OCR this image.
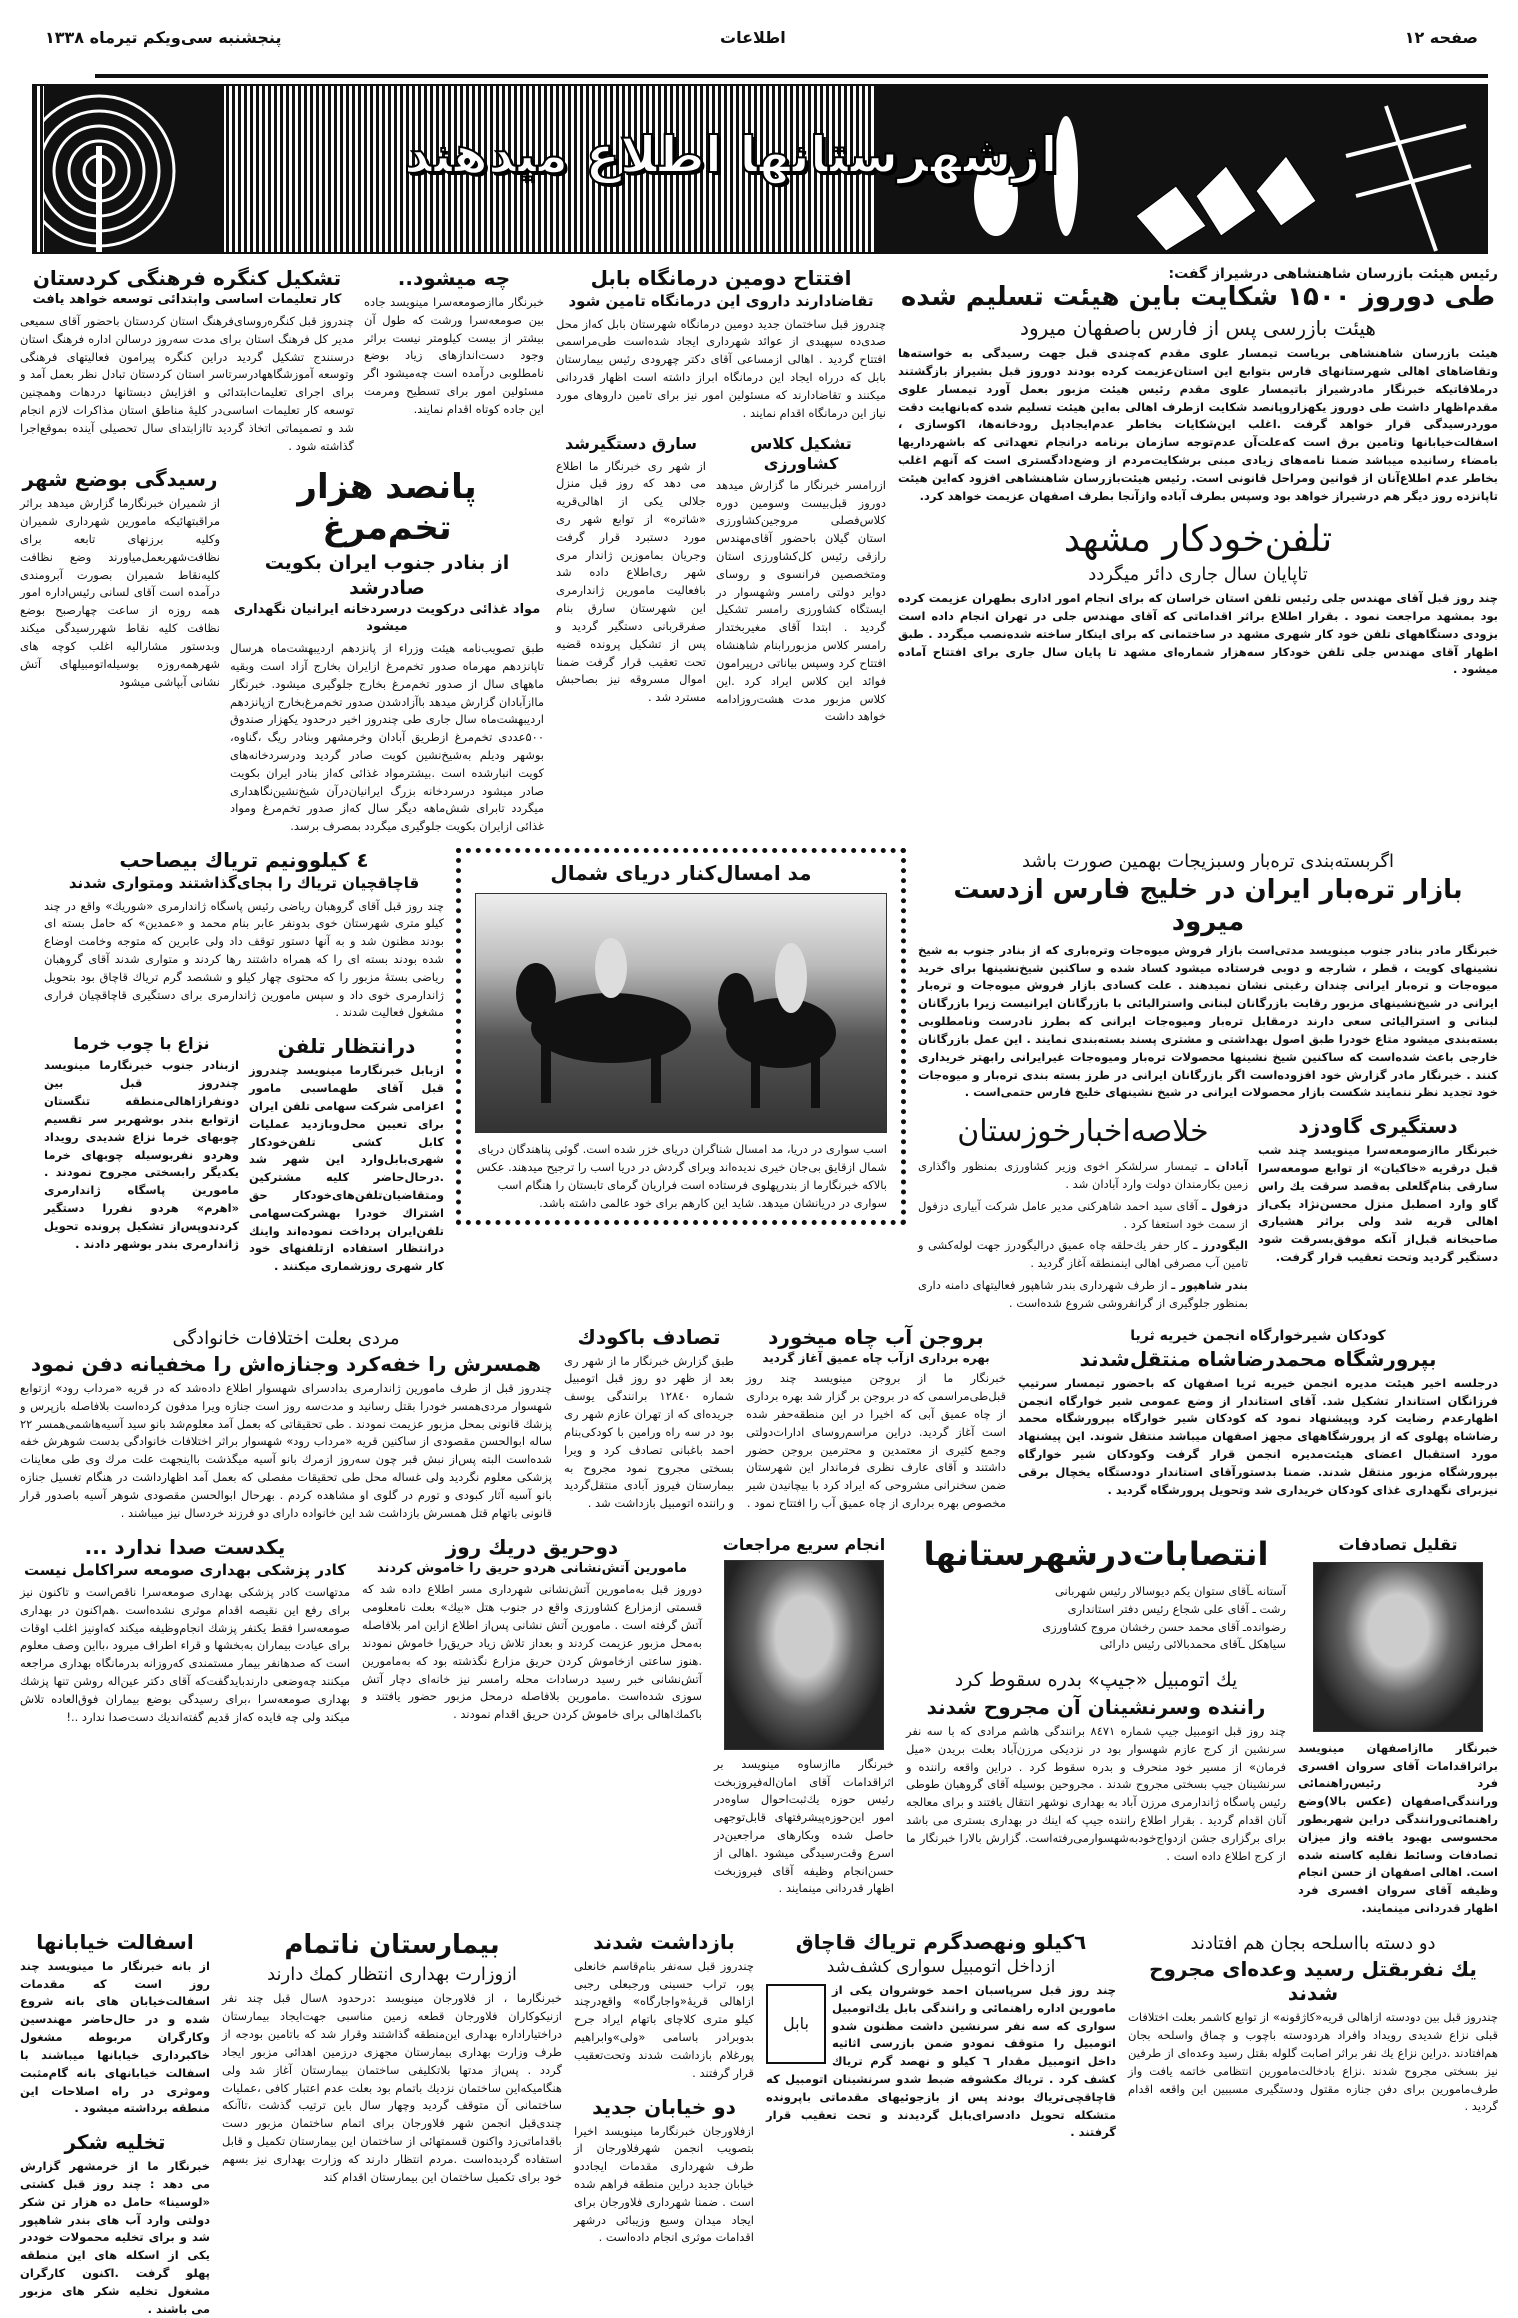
صفحه ۱۲
اطلاعات
پنجشنبه سی‌ویکم تیرماه ۱۳۳۸
ازشهرستانها اطلاع میدهند
رئیس هیئت بازرسان شاهنشاهی درشیراز گفت:
طی دوروز ۱۵۰۰ شکایت باین هیئت تسلیم شده
هیئت بازرسی پس از فارس باصفهان میرود
هیئت بازرسان شاهنشاهی بریاست تیمسار علوی مقدم که‌چندی قبل جهت رسیدگی به خواسته‌ها وتقاضاهای اهالی شهرستانهای فارس بتوابع این استان‌عزیمت کرده بودند دوروز قبل بشیراز بازگشتند درملاقاتیکه خبرنگار مادرشیراز باتیمسار علوی مقدم رئیس هیئت مزبور بعمل آورد تیمسار علوی مقدم‌اظهار داشت طی دوروز یکهزاروپانصد شکایت ازطرف اهالی به‌این هیئت تسلیم شده که‌بانهایت دقت موردرسیدگی قرار خواهد گرفت .اغلب این‌شکایات بخاطر عدم‌ایجادپل رودخانه‌ها، اکوسازی ، اسفالت‌خیابانها وتامین برق است که‌علت‌آن عدم‌توجه سازمان برنامه درانجام تعهداتی که باشهرداریها بامضاء رسانیده میباشد ضمنا نامه‌های زیادی مبنی برشکایت‌مردم از وضع‌دادگستری است که آنهم اغلب بخاطر عدم اطلاع‌آنان از قوانین ومراحل قانونی است. رئیس هیئت‌بازرسان شاهنشاهی افزود که‌این هیئت تاپانزده روز دیگر هم درشیراز خواهد بود وسپس بطرف آباده وازآنجا بطرف اصفهان عزیمت خواهد کرد.
تلفن‌خودکار مشهد
تاپایان سال جاری دائر میگردد
چند روز قبل آقای مهندس جلی رئیس تلفن استان خراسان که برای انجام امور اداری بطهران عزیمت کرده بود بمشهد مراجعت نمود . بقرار اطلاع براثر اقداماتی که آقای مهندس جلی در تهران انجام داده است بزودی دستگاههای تلفن خود کار شهری مشهد در ساختمانی که برای اینکار ساخته شده‌نصب میگردد . طبق اظهار آقای مهندس جلی تلفن خودکار سه‌هزار شماره‌ای مشهد تا پایان سال جاری برای افتتاح آماده میشود .
افتتاح دومین درمانگاه بابل
تقاضادارند داروی این درمانگاه تامین شود
چندروز قبل ساختمان جدید دومین درمانگاه شهرستان بابل که‌از محل صدی‌ده سپهبدی از عوائد شهرداری ایجاد شده‌است طی‌مراسمی افتتاح گردید . اهالی ازمساعی آقای دکتر چهرودی رئیس بیمارستان بابل که درراه ایجاد این درمانگاه ابراز داشته است اظهار قدردانی میکنند و تقاضادارند که مسئولین امور نیز برای تامین داروهای مورد نیاز این درمانگاه اقدام نمایند .
تشکیل کلاس کشاورزی
ازرامسر خبرنگار ما گزارش میدهد دوروز قبل‌بیست وسومین دوره کلاس‌فصلی مروجین‌کشاورزی استان گیلان باحضور آقای‌مهندس رازقی رئیس کل‌کشاورزی استان ومتخصصین فرانسوی و روسای دوایر دولتی رامسر وشهسوار در ایستگاه کشاورزی رامسر تشکیل گردید . ابتدا آقای مغیربختدار رامسر کلاس مزبوررابنام شاهنشاه افتتاح کرد وسپس بیاناتی درپیرامون فوائد این کلاس ایراد کرد .این کلاس مزبور مدت هشت‌روزادامه خواهد داشت
سارق دستگیرشد
از شهر ری خبرنگار ما اطلاع می دهد که روز قبل منزل جلالی یکی از اهالی‌قریه «شاتره» از توابع شهر ری مورد دستبرد قرار گرفت وجریان بماموزین ژاندار مری شهر ری‌اطلاع داده شد بافعالیت مامورین ژاندارمری این شهرستان سارق بنام صفرقربانی دستگیر گردید و پس از تشکیل پرونده قضیه تحت تعقیب قرار گرفت ضمنا اموال مسروقه نیز بصاحبش مسترد شد .
چه میشود..
خبرنگار ماازصومعه‌سرا مینویسد جاده بین صومعه‌سرا ورشت که طول آن بیشتر از بیست کیلومتر نیست براثر وجود دست‌اندازهای زیاد بوضع نامطلوبی درآمده است چه‌میشود اگر مسئولین امور برای تسطیح ومرمت این جاده کوتاه اقدام نمایند.
تشکیل کنگره فرهنگی کردستان
کار تعلیمات اساسی وابتدائی توسعه خواهد یافت
چندروز قبل کنگره‌روسای‌فرهنگ استان کردستان باحضور آقای سمیعی مدیر کل فرهنگ استان برای مدت سه‌روز درسالن اداره فرهنگ استان درسنندج تشکیل گردید دراین کنگره پیرامون فعالیتهای فرهنگی وتوسعه آموزشگاههادرسرتاسر استان کردستان تبادل نظر بعمل آمد و برای اجرای تعلیمات‌ابتدائی و افزایش دبستانها دردهات وهمچنین توسعه کار تعلیمات اساسی‌در کلیهٔ مناطق استان مذاکرات لازم انجام شد و تصمیماتی اتخاذ گردید تاازابتدای سال تحصیلی آینده بموقع‌اجرا گذاشته شود .
پانصد هزار تخم‌مرغ
از بنادر جنوب ایران بکویت صادرشد
مواد غذائی درکویت درسردخانه ایرانیان نگهداری میشود
طبق تصویب‌نامه هیئت وزراء از پانزدهم اردیبهشت‌ماه هرسال تاپانزدهم مهرماه صدور تخم‌مرغ ازایران بخارج آزاد است وبقیه ماههای سال از صدور تخم‌مرغ بخارج جلوگیری میشود. خبرنگار ماازآبادان گزارش میدهد باآزادشدن صدور تخم‌مرغ‌بخارج ازپانزدهم اردیبهشت‌ماه سال جاری طی چندروز اخیر درحدود یکهزار صندوق ۵۰۰عددی تخم‌مرغ ازطریق آبادان وخرمشهر وبنادر ریگ ،گناوه، بوشهر ودیلم به‌شیخ‌نشین کویت صادر گردید ودرسردخانه‌های کویت انبارشده است .بیشترمواد غذائی که‌از بنادر ایران بکویت صادر میشود درسردخانه بزرگ ایرانیان‌درآن شیخ‌نشین‌نگاهداری میگردد تابرای شش‌ماهه دیگر سال که‌از صدور تخم‌مرغ ومواد غذائی ازایران بکویت جلوگیری میگردد بمصرف برسد.
رسیدگی بوضع شهر
از شمیران خبرنگارما گزارش میدهد براثر مراقبتهائیکه مامورین شهرداری شمیران وکلیه برزنهای تابعه برای نظافت‌شهربعمل‌میاورند وضع نظافت کلیه‌نقاط شمیران بصورت آبرومندی درآمده است آقای لسانی رئیس‌اداره امور همه روزه از ساعت چهارصبح بوضع نظافت کلیه نقاط شهررسیدگی میکند وبدستور مشارالیه اغلب کوچه های شهرهمه‌روزه بوسیله‌اتومبیلهای آتش نشانی آبپاشی میشود
اگربسته‌بندی تره‌بار وسبزیجات بهمین صورت باشد
بازار تره‌بار ایران در خلیج فارس ازدست میرود
خبرنگار مادر بنادر جنوب مینویسد مدتی‌است بازار فروش میوه‌جات وتره‌باری که از بنادر جنوب به شیخ نشینهای کویت ، قطر ، شارجه و دوبی فرستاده میشود کساد شده و ساکنین شیخ‌نشینها برای خرید میوه‌جات و تره‌بار ایرانی چندان رغبتی نشان نمیدهند . علت کسادی بازار فروش میوه‌جات و تره‌بار ایرانی در شیخ‌نشینهای مزبور رقابت بازرگانان لبنانی واسترالیائی با بازرگانان ایرانیست زیرا بازرگانان لبنانی و استرالیائی سعی دارند درمقابل تره‌بار ومیوه‌جات ایرانی که بطرز نادرست ونامطلوبی بسته‌بندی میشود متاع خودرا طبق اصول بهداشتی و مشتری پسند بسته‌بندی نمایند . این عمل بازرگانان خارجی باعث شده‌است که ساکنین شیخ نشینها محصولات تره‌بار ومیوه‌جات غیرایرانی رابهتر خریداری کنند . خبرنگار مادر گزارش خود افزوده‌است اگر بازرگانان ایرانی در طرز بسته بندی تره‌بار و میوه‌جات خود تجدید نظر ننمایند شکست بازار محصولات ایرانی در شیخ نشینهای خلیج فارس حتمی‌است .
دستگیری گاودزد
خبرنگار ماازصومعه‌سرا مینویسد چند شب قبل درقریه «خاکیان» از توابع صومعه‌سرا سارقی بنام‌گلعلی به‌قصد سرقت یك راس گاو وارد اصطبل منزل محسن‌نژاد یکی‌از اهالی قریه شد ولی براثر هشیاری صاحبخانه قبل‌از آنکه موفق‌بسرقت شود دستگیر گردید وتحت تعقیب قرار گرفت.
خلاصه‌اخبارخوزستان
آبادان ـ تیمسار سرلشکر اخوی وزیر کشاورزی بمنظور واگذاری زمین بکارمندان دولت وارد آبادان شد .
دزفول ـ آقای سید احمد شاهرکنی مدیر عامل شرکت آبیاری دزفول از سمت خود استعفا کرد .
الیگودرز ـ کار حفر یك‌حلقه چاه عمیق درالیگودرز جهت لوله‌کشی و تامین آب مصرفی اهالی اینمنطقه آغاز گردید .
بندر شاهپور ـ از طرف شهرداری بندر شاهپور فعالیتهای دامنه داری بمنظور جلوگیری از گرانفروشی شروع شده‌است .
مد امسال‌کنار دریای شمال
اسب سواری در دریا، مد امسال شناگران دریای خزر شده است. گوئی پناهندگان دریای شمال ازقایق بی‌جان خیری ندیده‌اند وبرای گردش در دریا اسب را ترجیح میدهند. عکس بالاکه خبرنگارما از بندرپهلوی فرستاده است فراریان گرمای تابستان را هنگام اسب سواری در دریانشان میدهد. شاید این کارهم برای خود عالمی داشته باشد.
٤ کیلوونیم تریاك بیصاحب
قاچاقچیان تریاك را بجای‌گذاشتند ومتواری شدند
چند روز قبل آقای گروهبان ریاضی رئیس پاسگاه ژاندارمری «شوریك» واقع در چند کیلو متری شهرستان خوی بدونفر عابر بنام محمد و «عمدین» که حامل بسته ای بودند مظنون شد و به آنها دستور توقف داد ولی عابرین که متوجه وخامت اوضاع شده بودند بسته ای را که همراه داشتند رها کردند و متواری شدند آقای گروهبان ریاضی بستهٔ مزبور را که محتوی چهار کیلو و ششصد گرم تریاك قاچاق بود بتحویل ژاندارمری خوی داد و سپس مامورین ژاندارمری برای دستگیری قاچاقچیان فراری مشغول فعالیت شدند .
درانتظار تلفن
ازبابل خبرنگارما مینویسد چندروز قبل آقای طهماسبی مامور اعزامی شرکت سهامی تلفن ایران برای تعیین محل‌وبازدید عملیات کابل کشی تلفن‌خودکار شهری‌بابل‌وارد این شهر شد .درحال‌حاضر کلیه مشترکین ومتقاضیان‌تلفن‌های‌خودکار حق اشتراك خودرا بهشرکت‌سهامی تلفن‌ایران پرداخت نموده‌اند واینك درانتظار استفاده ازتلفنهای خود کار شهری روزشماری میکنند .
نزاع با چوب خرما
ازبنادر جنوب خبرنگارما مینویسد چندروز قبل بین دونفرازاهالی‌منطقه تنگستان ازتوابع بندر بوشهربر سر تقسیم چوبهای خرما نزاع شدیدی رویداد وهردو نفربوسیله چوبهای خرما یکدیگر رابسختی مجروح نمودند . مامورین پاسگاه ژاندارمری «اهرم» هردو نفررا دستگیر کردندوپس‌از تشکیل پرونده تحویل ژاندارمری بندر بوشهر دادند .
کودکان شیرخوارگاه انجمن خیریه ثریا
بپرورشگاه محمدرضاشاه منتقل‌شدند
درجلسه اخیر هیئت مدیره انجمن خیریه ثریا اصفهان که باحضور تیمسار سرتیپ فرزانگان استاندار تشکیل شد. آقای استاندار از وضع عمومی شیر خوارگاه انجمن اظهارعدم رضایت کرد وپیشنهاد نمود که کودکان شیر خوارگاه بپرورشگاه محمد رضاشاه پهلوی که از پرورشگاههای مجهز اصفهان میباشد منتقل شوند. این پیشنهاد مورد استقبال اعضای هیئت‌مدیره انجمن قرار گرفت وکودکان شیر خوارگاه بپرورشگاه مزبور منتقل شدند. ضمنا بدستورآقای استاندار دودستگاه یخچال برقی نیزبرای نگهداری غذای کودکان خریداری شد وتحویل پرورشگاه گردید .
بروجن آب چاه میخورد
بهره برداری ازآب چاه عمیق آغاز گردید
خبرنگار ما از بروجن مینویسد چند روز قبل‌طی‌مراسمی که در بروجن بر گزار شد بهره برداری از چاه عمیق آبی که اخیرا در این منطقه‌حفر شده است آغاز گردید. دراین مراسم‌روسای ادارات‌دولتی وجمع کثیری از معتمدین و محترمین بروجن حضور داشتند و آقای عارف نظری فرماندار این شهرستان ضمن سخنرانی مشروحی که ایراد کرد با بیچانیدن شیر مخصوص بهره برداری از چاه عمیق آب را افتتاح نمود .
تصادف باکودك
طبق گزارش خبرنگار ما از شهر ری بعد از ظهر دو روز قبل اتومبیل شماره ۱۲۸٤۰ برانندگی یوسف جریده‌ای که از تهران عازم شهر ری بود در سه راه ورامین با کودکی‌بنام احمد باغبانی تصادف کرد و ویرا بسختی مجروح نمود مجروح به بیمارستان فیروز آبادی منتقل‌گردید و راننده اتومبیل بازداشت شد .
مردی بعلت اختلافات خانوادگی
همسرش را خفه‌کرد وجنازه‌اش را مخفیانه دفن نمود
چندروز قبل از طرف مامورین ژاندارمری بدادسرای شهسوار اطلاع داده‌شد که در قریه «مرداب رود» ازتوابع شهسوار مردی‌همسر خودرا بقتل رسانید و مدت‌سه روز است جنازه ویرا مدفون کرده‌است بلافاصله بازپرس و پزشك قانونی بمحل مزبور عزیمت نمودند . طی تحقیقاتی که بعمل آمد معلوم‌شد بانو سید آسیه‌هاشمی‌همسر ۲۲ ساله ابوالحسن مقصودی از ساکنین قریه «مرداب رود» شهسوار براثر اختلافات خانوادگی بدست شوهرش خفه شده‌است البته پس‌از نبش قبر چون سه‌روز ازمرك بانو آسیه میگذشت بااینجهت علت مرك وی طی معاینات پزشکی معلوم نگردید ولی غساله محل طی تحقیقات مفصلی که بعمل آمد اظهارداشت در هنگام تغسیل جنازه بانو آسیه آثار کبودی و تورم در گلوی او مشاهده کردم . بهرحال ابوالحسن مقصودی شوهر آسیه باصدور قرار قانونی باتهام قتل همسرش بازداشت شد این خانواده دارای دو فرزند خردسال نیز میباشند .
تقلیل تصادفات
خبرنگار ماازاصفهان مینویسد براثراقدامات آقای سروان افسری فرد رئیس‌راهنمائی ورانندگی‌اصفهان (عکس بالا)وضع راهنمائی‌ورانندگی دراین شهربطور محسوسی بهبود یافته واز میزان تصادفات وسائط نقلیه کاسته شده است. اهالی اصفهان از حسن انجام وظیفه آقای سروان افسری فرد اظهار قدردانی مینمایند.
انتصابات‌درشهرستانها
آستانه ـآقای ستوان یکم دیوسالار رئیس شهربانی
رشت ـ آقای علی شجاع رئیس دفتر استانداری
رضوانده‌ـ آقای محمد حسن رخشان مروج کشاورزی
سیاهکل ـآقای محمدبالائی رئیس دارائی
یك اتومبیل «جیپ» بدره سقوط کرد
راننده وسرنشینان آن مجروح شدند
چند روز قبل اتومبیل جیپ شماره ۸٤۷۱ برانندگی هاشم مرادی که با سه نفر سرنشین از کرج عازم شهسوار بود در نزدیکی مرزن‌آباد بعلت بریدن «میل فرمان» از مسیر خود منحرف و بدره سقوط کرد . دراین واقعه راننده و سرنشینان جیپ بسختی مجروح شدند . مجروحین بوسیله آقای گروهبان طوطی رئیس پاسگاه ژاندارمری مرزن آباد به بهداری نوشهر انتقال یافتند و برای معالجه آنان اقدام گردید . بقرار اطلاع راننده جیپ که اینك در بهداری بستری می باشد برای برگزاری جشن ازدواج‌خودبه‌شهسوارمی‌رفته‌است. گزارش بالارا خبرنگار ما از کرج اطلاع داده است .
انجام سریع مراجعات
خبرنگار ماازساوه مینویسد بر اثراقدامات آقای امان‌اله‌فیروزبخت رئیس حوزه یك‌ثبت‌احوال ساوه‌در امور این‌حوزه‌پیشرفتهای قابل‌توجهی حاصل شده وبکارهای مراجعین‌در اسرع وقت‌رسیدگی میشود .اهالی از حسن‌انجام وظیفه آقای فیروزبخت اظهار قدردانی مینمایند .
دوحریق دریك روز
مامورین آتش‌نشانی هردو حریق را خاموش کردند
دوروز قبل به‌مامورین آتش‌نشانی شهرداری مسر اطلاع داده شد که قسمتی ازمزارع کشاورزی واقع در جنوب هتل «بیك» بعلت نامعلومی آتش گرفته است . مامورین آتش نشانی پس‌از اطلاع ازاین امر بلافاصله به‌محل مزبور عزیمت کردند و بعداز تلاش زیاد حریق‌را خاموش نمودند .هنوز ساعتی ازخاموش کردن حریق مزارع نگذشته بود که به‌مامورین آتش‌نشانی خبر رسید درسادات محله رامسر نیز خانه‌ای دچار آتش سوزی شده‌است .مامورین بلافاصله درمحل مزبور حضور یافتند و باکمك‌اهالی برای خاموش کردن حریق اقدام نمودند .
یکدست صدا ندارد ...
کادر پزشکی بهداری صومعه سراکامل نیست
مدتهاست کادر پزشکی بهداری صومعه‌سرا ناقص‌است و تاکنون نیز برای رفع این نقیصه اقدام موثری نشده‌است .هم‌اکنون در بهداری صومعه‌سرا فقط یکنفر پزشك انجام‌وظیفه میکند که‌اونیز اغلب اوقات برای عیادت بیماران به‌بخشها و قراء اطراف میرود ،بااین وصف معلوم است که صدهانفر بیمار مستمندی که‌روزانه بدرمانگاه بهداری مراجعه میکنند چه‌وضعی دارندبایدگفت‌که آقای دکتر عین‌اله روشن تنها پزشك بهداری صومعه‌سرا ،برای رسیدگی بوضع بیماران فوق‌العاده تلاش میکند ولی چه فایده که‌از قدیم گفته‌اندیك دست‌صدا ندارد ..!
دو دسته بااسلحه بجان هم افتادند
یك نفربقتل رسید وعده‌ای مجروح شدند
چندروز قبل بین دودسته ازاهالی قریه«کاژقونه» از توابع کاشمر بعلت اختلافات قبلی نزاع شدیدی رویداد وافراد هردودسته باچوب و چماق واسلحه بجان هم‌افتادند .دراین نزاع یك نفر براثر اصابت گلوله بقتل رسید وعده‌ای از طرفین نیز بسختی مجروح شدند .نزاع بادخالت‌مامورین انتظامی خاتمه یافت واز طرف‌مامورین برای دفن جنازه مقتول ودستگیری مسببین این واقعه اقدام گردید .
٦کیلو ونهصدگرم تریاك قاچاق
ازداخل اتومبیل سواری کشف‌شد
بابل
چند روز قبل سرپاسبان احمد خوشروان یکی از مامورین اداره راهنمائی و رانندگی بابل یك‌اتومبیل سواری که سه نفر سرنشین داشت مظنون شدو اتومبیل را متوقف نمودو ضمن بازرسی اثاثیه داخل اتومبیل مقدار ٦ کیلو و نهصد گرم تریاك کشف کرد . تریاك مکشوفه ضبط شدو سرنشینان اتومبیل که قاچاقچی‌تریاك بودند پس از بازجوئیهای مقدماتی باپرونده متشکله تحویل دادسرای‌بابل گردیدند و تحت تعقیب قرار گرفتند .
بازداشت شدند
چندروز قبل سه‌نفر بنام‌قاسم خانعلی پور، تراب حسینی ورجبعلی رجبی ازاهالی قریهٔ«واجارگاه» واقع‌درچند کیلو متری کلاچای باتهام ایراد جرح بدوبرادر باسامی «ولی»وابراهیم پورغلام بازداشت شدند وتحت‌تعقیب قرار گرفتند .
دو خیابان جدید
ازفلاورجان خبرنگارما مینویسد اخیرا بتصویب انجمن شهرفلاورجان از طرف شهرداری مقدمات ایجاددو خیابان جدید دراین منطقه فراهم شده است . ضمنا شهرداری فلاورجان برای ایجاد میدان وسیع وزیبائی درشهر اقدامات موثری انجام داده‌است .
بیمارستان ناتمام
ازوزارت بهداری انتظار کمك دارند
خبرنگارما ، از فلاورجان مینویسد :درحدود ۸سال قبل چند نفر ازنیکوکاران فلاورجان قطعه زمین مناسبی جهت‌ایجاد بیمارستان دراختیاراداره بهداری این‌منطقه گذاشتند وقرار شد که باتامین بودجه از طرف وزارت بهداری بیمارستان مجهزی درزمین اهدائی مزبور ایجاد گردد . پس‌از مدتها بلاتکلیفی ساختمان بیمارستان آغاز شد ولی هنگامیکه‌این ساختمان نزدیك باتمام بود بعلت عدم اعتبار کافی ،عملیات ساختمانی آن متوقف گردید وچهار سال باین ترتیب گذشت ،تاآنکه چندی‌قبل انجمن شهر فلاورجان برای اتمام ساختمان مزبور دست باقداماتی‌زد واکنون قسمتهائی از ساختمان این بیمارستان تکمیل و قابل استفاده گردیده‌است .مردم انتظار دارند که وزارت بهداری نیز بسهم خود برای تکمیل ساختمان این بیمارستان اقدام کند
اسفالت خیابانها
از بانه خبرنگار ما مینویسد چند روز است که مقدمات اسفالت‌خیابان های بانه شروع شده و در حال‌حاضر مهندسین وکارگران مربوطه مشغول خاکبرداری خیابانها میباشند با اسفالت خیابانهای بانه گام‌مثبت وموثری در راه اصلاحات این منطقه برداشته میشود .
تخلیه شکر
خبرنگار ما از خرمشهر گزارش می دهد : چند روز قبل کشتی «لوسینا» حامل ده هزار تن شکر دولتی وارد آب های بندر شاهپور شد و برای تخلیه محمولات خوددر یکی از اسکله های این منطقه پهلو گرفت .اکنون کارگران مشغول تخلیه شکر های مزبور می باشند .
